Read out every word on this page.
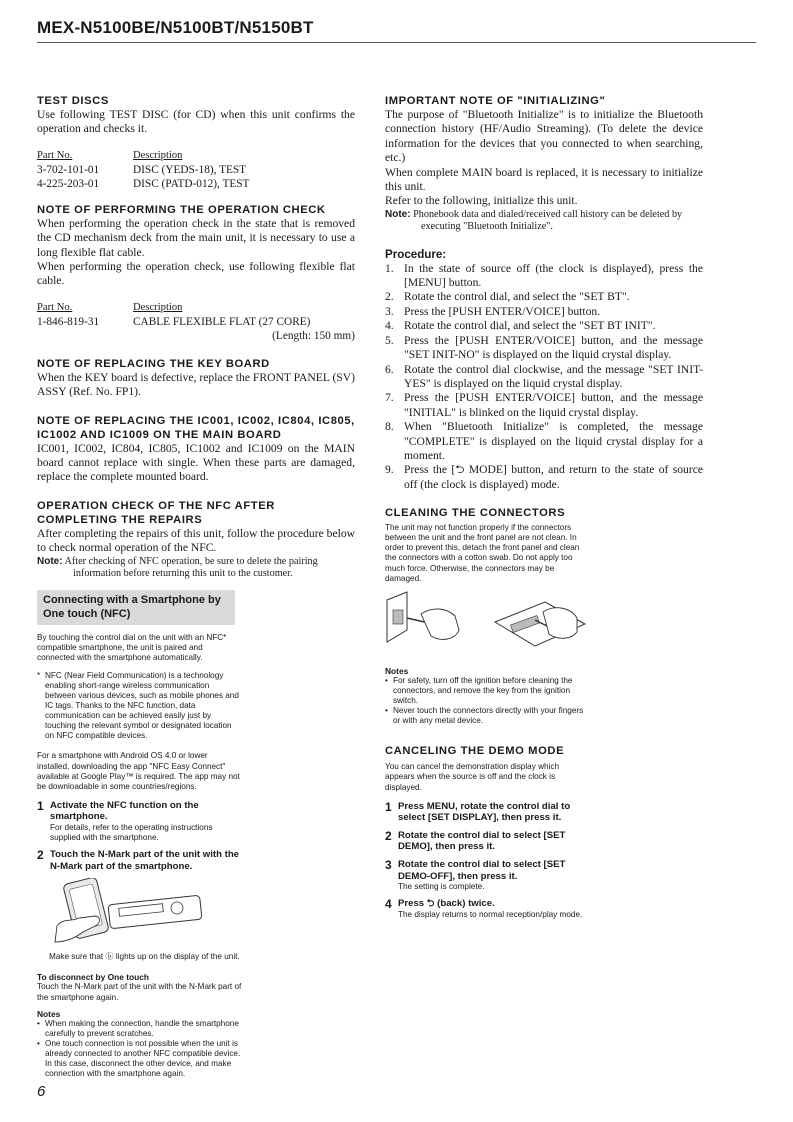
MEX-N5100BE/N5100BT/N5150BT

TEST DISCS

Use following TEST DISC (for CD) when this unit confirms the operation and checks it.

Part No.	Description
3-702-101-01	DISC (YEDS-18), TEST
4-225-203-01	DISC (PATD-012), TEST

NOTE OF PERFORMING THE OPERATION CHECK

When performing the operation check in the state that is removed the CD mechanism deck from the main unit, it is necessary to use a long flexible flat cable.

When performing the operation check, use following flexible flat cable.

Part No.	Description
1-846-819-31	CABLE FLEXIBLE FLAT (27 CORE)
(Length: 150 mm)

NOTE OF REPLACING THE KEY BOARD

When the KEY board is defective, replace the FRONT PANEL (SV) ASSY (Ref. No. FP1).

NOTE OF REPLACING THE IC001, IC002, IC804, IC805, IC1002 AND IC1009 ON THE MAIN BOARD

IC001, IC002, IC804, IC805, IC1002 and IC1009 on the MAIN board cannot replace with single. When these parts are damaged, replace the complete mounted board.

OPERATION CHECK OF THE NFC AFTER COMPLETING THE REPAIRS

After completing the repairs of this unit, follow the procedure below to check normal operation of the NFC.

Note: After checking of NFC operation, be sure to delete the pairing information before returning this unit to the customer.

Connecting with a Smartphone by One touch (NFC)

By touching the control dial on the unit with an NFC* compatible smartphone, the unit is paired and connected with the smartphone automatically.

* NFC (Near Field Communication) is a technology enabling short-range wireless communication between various devices, such as mobile phones and IC tags. Thanks to the NFC function, data communication can be achieved easily just by touching the relevant symbol or designated location on NFC compatible devices.

For a smartphone with Android OS 4.0 or lower installed, downloading the app "NFC Easy Connect" available at Google Play™ is required. The app may not be downloadable in some countries/regions.

1 Activate the NFC function on the smartphone.
For details, refer to the operating instructions supplied with the smartphone.
2 Touch the N-Mark part of the unit with the N-Mark part of the smartphone.

Make sure that ⓑ lights up on the display of the unit.

To disconnect by One touch

Touch the N-Mark part of the unit with the N-Mark part of the smartphone again.

Notes

• When making the connection, handle the smartphone carefully to prevent scratches.
• One touch connection is not possible when the unit is already connected to another NFC compatible device. In this case, disconnect the other device, and make connection with the smartphone again.

IMPORTANT NOTE OF "INITIALIZING"

The purpose of "Bluetooth Initialize" is to initialize the Bluetooth connection history (HF/Audio Streaming). (To delete the device information for the devices that you connected to when searching, etc.)

When complete MAIN board is replaced, it is necessary to initialize this unit.

Refer to the following, initialize this unit.

Note: Phonebook data and dialed/received call history can be deleted by executing "Bluetooth Initialize".

Procedure:

1. In the state of source off (the clock is displayed), press the [MENU] button.
2. Rotate the control dial, and select the "SET BT".
3. Press the [PUSH ENTER/VOICE] button.
4. Rotate the control dial, and select the "SET BT INIT".
5. Press the [PUSH ENTER/VOICE] button, and the message "SET INIT-NO" is displayed on the liquid crystal display.
6. Rotate the control dial clockwise, and the message "SET INIT-YES" is displayed on the liquid crystal display.
7. Press the [PUSH ENTER/VOICE] button, and the message "INITIAL" is blinked on the liquid crystal display.
8. When "Bluetooth Initialize" is completed, the message "COMPLETE" is displayed on the liquid crystal display for a moment.
9. Press the [⮌ MODE] button, and return to the state of source off (the clock is displayed) mode.

CLEANING THE CONNECTORS

The unit may not function properly if the connectors between the unit and the front panel are not clean. In order to prevent this, detach the front panel and clean the connectors with a cotton swab. Do not apply too much force. Otherwise, the connectors may be damaged.

Notes

• For safety, turn off the ignition before cleaning the connectors, and remove the key from the ignition switch.
• Never touch the connectors directly with your fingers or with any metal device.

CANCELING THE DEMO MODE

You can cancel the demonstration display which appears when the source is off and the clock is displayed.

1 Press MENU, rotate the control dial to select [SET DISPLAY], then press it.
2 Rotate the control dial to select [SET DEMO], then press it.
3 Rotate the control dial to select [SET DEMO-OFF], then press it.
The setting is complete.
4 Press ⮌ (back) twice.
The display returns to normal reception/play mode.
6
